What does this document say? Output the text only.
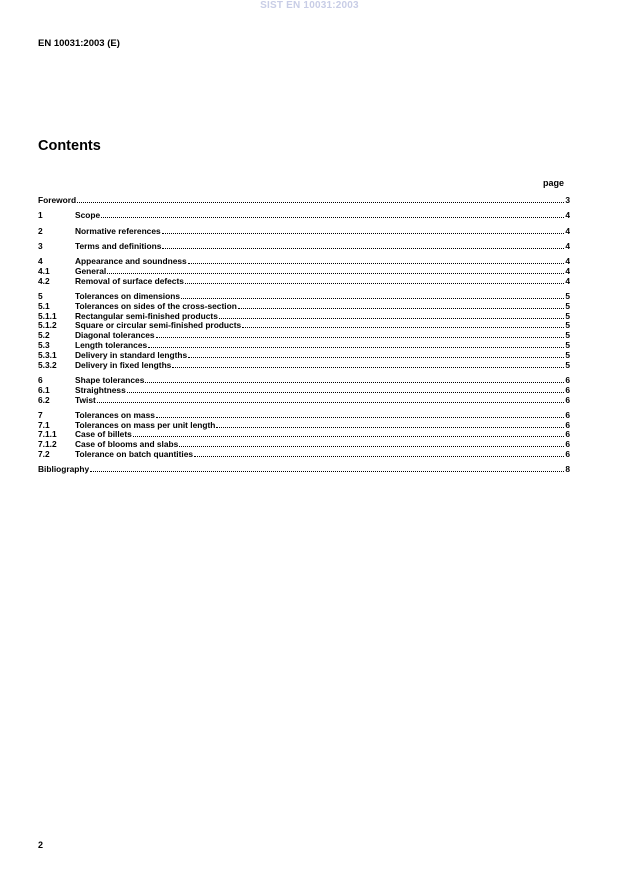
SIST EN 10031:2003
EN 10031:2003 (E)
Contents
page
Foreword	3
1	Scope	4
2	Normative references	4
3	Terms and definitions	4
4	Appearance and soundness	4
4.1	General	4
4.2	Removal of surface defects	4
5	Tolerances on dimensions	5
5.1	Tolerances on sides of the cross-section	5
5.1.1	Rectangular semi-finished products	5
5.1.2	Square or circular semi-finished products	5
5.2	Diagonal tolerances	5
5.3	Length tolerances	5
5.3.1	Delivery in standard lengths	5
5.3.2	Delivery in fixed lengths	5
6	Shape tolerances	6
6.1	Straightness	6
6.2	Twist	6
7	Tolerances on mass	6
7.1	Tolerances on mass per unit length	6
7.1.1	Case of billets	6
7.1.2	Case of blooms and slabs	6
7.2	Tolerance on batch quantities	6
Bibliography	8
2
